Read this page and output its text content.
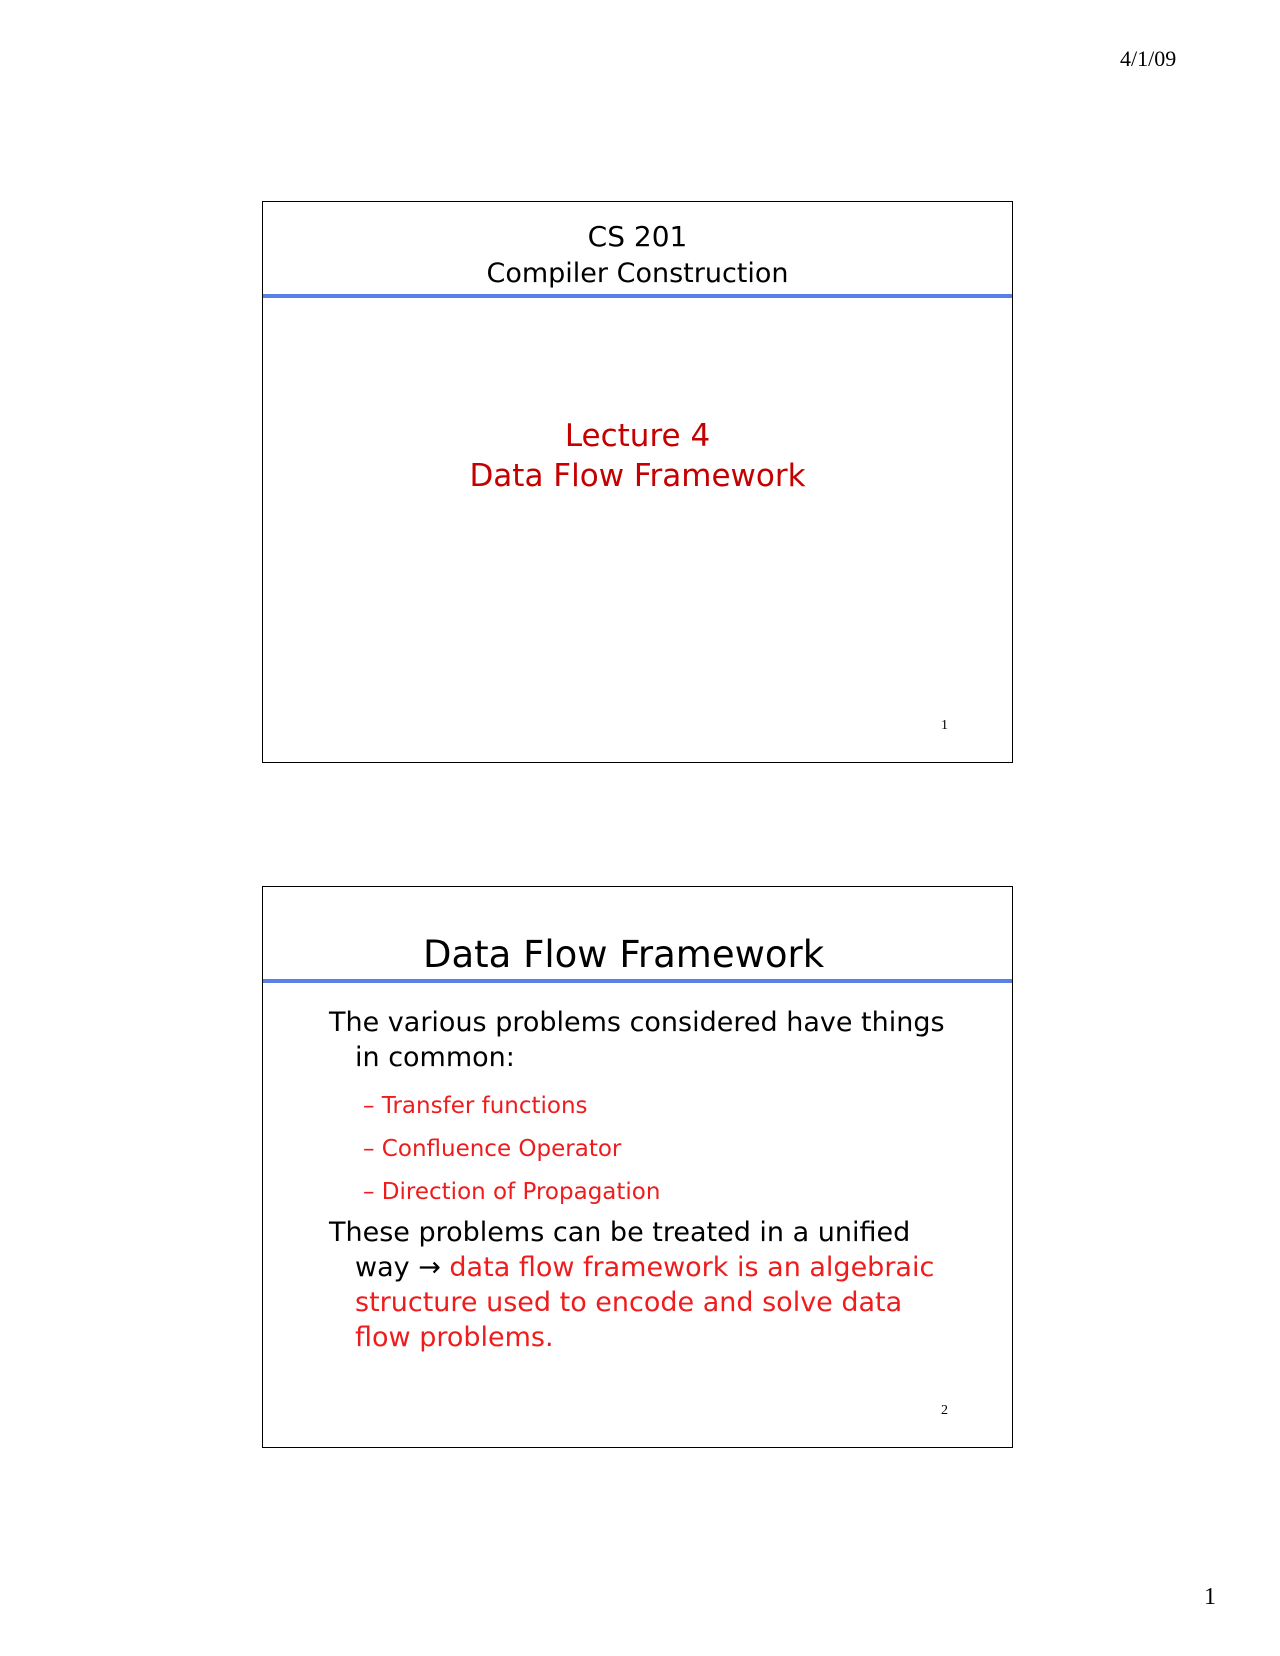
4/1/09
CS 201
Compiler Construction
Lecture 4
Data Flow Framework
1
Data Flow Framework
The various problems considered have things
in common:
– Transfer functions
– Confluence Operator
– Direction of Propagation
These problems can be treated in a unified
way → data flow framework is an algebraic
structure used to encode and solve data
flow problems.
2
1
